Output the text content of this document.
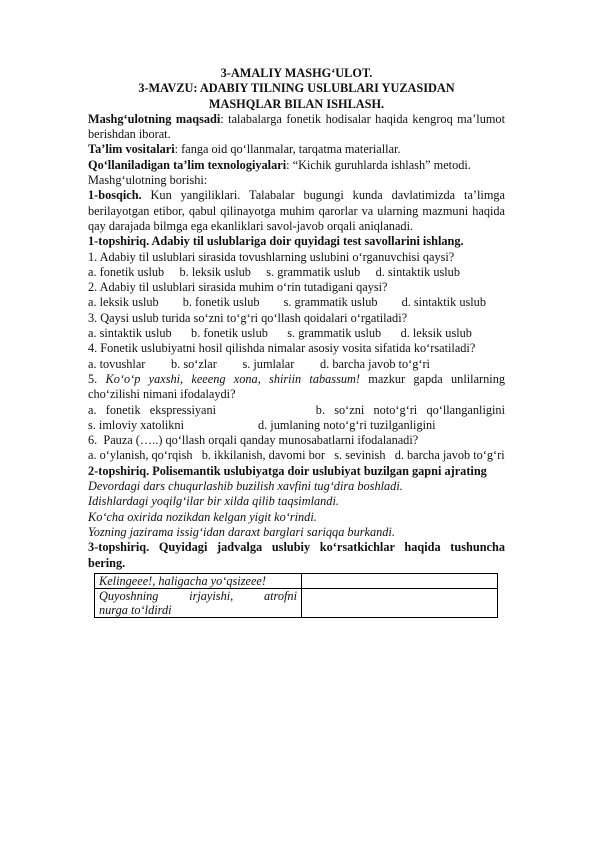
3-AMALIY MASHG‘ULOT.
3-MAVZU: ADABIY TILNING USLUBLARI YUZASIDAN
MASHQLAR BILAN ISHLASH.
Mashg‘ulotning maqsadi: talabalarga fonetik hodisalar haqida kengroq ma’lumot berishdan iborat.
Ta’lim vositalari: fanga oid qo‘llanmalar, tarqatma materiallar.
Qo‘llaniladigan ta’lim texnologiyalari: “Kichik guruhlarda ishlash” metodi.
Mashg‘ulotning borishi:
1-bosqich. Kun yangiliklari. Talabalar bugungi kunda davlatimizda ta’limga berilayotgan etibor, qabul qilinayotga muhim qarorlar va ularning mazmuni haqida qay darajada bilmga ega ekanliklari savol-javob orqali aniqlanadi.
1-topshiriq. Adabiy til uslublariga doir quyidagi test savollarini ishlang.
1. Adabiy til uslublari sirasida tovushlarning uslubini o‘rganuvchisi qaysi?
a. fonetik uslub b. leksik uslub s. grammatik uslub d. sintaktik uslub
2. Adabiy til uslublari sirasida muhim o‘rin tutadigani qaysi?
a. leksik uslub b. fonetik uslub s. grammatik uslub d. sintaktik uslub
3. Qaysi uslub turida so‘zni to‘g‘ri qo‘llash qoidalari o‘rgatiladi?
a. sintaktik uslub b. fonetik uslub s. grammatik uslub d. leksik uslub
4. Fonetik uslubiyatni hosil qilishda nimalar asosiy vosita sifatida ko‘rsatiladi?
a. tovushlar b. so‘zlar s. jumlalar d. barcha javob to‘g‘ri
5. Ko‘o‘p yaxshi, keeeng xona, shiriin tabassum! mazkur gapda unlilarning cho‘zilishi nimani ifodalaydi?
a.   fonetik   ekspressiyani	b.   so‘zni   noto‘g‘ri   qo‘llanganligini
s. imloviy xatolikni	d. jumlaning noto‘g‘ri tuzilganligini
6.  Pauza (…..) qo‘llash orqali qanday munosabatlarni ifodalanadi?
a. o‘ylanish, qo‘rqish   b. ikkilanish, davomi bor   s. sevinish   d. barcha javob to‘g‘ri
2-topshiriq. Polisemantik uslubiyatga doir uslubiyat buzilgan gapni ajrating
Devordagi dars chuqurlashib buzilish xavfini tug‘dira boshladi.
Idishlardagi yoqilg‘ilar bir xilda qilib taqsimlandi.
Ko‘cha oxirida nozikdan kelgan yigit ko‘rindi.
Yozning jazirama issig‘idan daraxt barglari sariqqa burkandi.
3-topshiriq. Quyidagi jadvalga uslubiy ko‘rsatkichlar haqida tushuncha bering.
Kelingeee!, haligacha yo‘qsizeee!	

Quyoshning irjayishi, atrofni
nurga to‘ldirdi	
